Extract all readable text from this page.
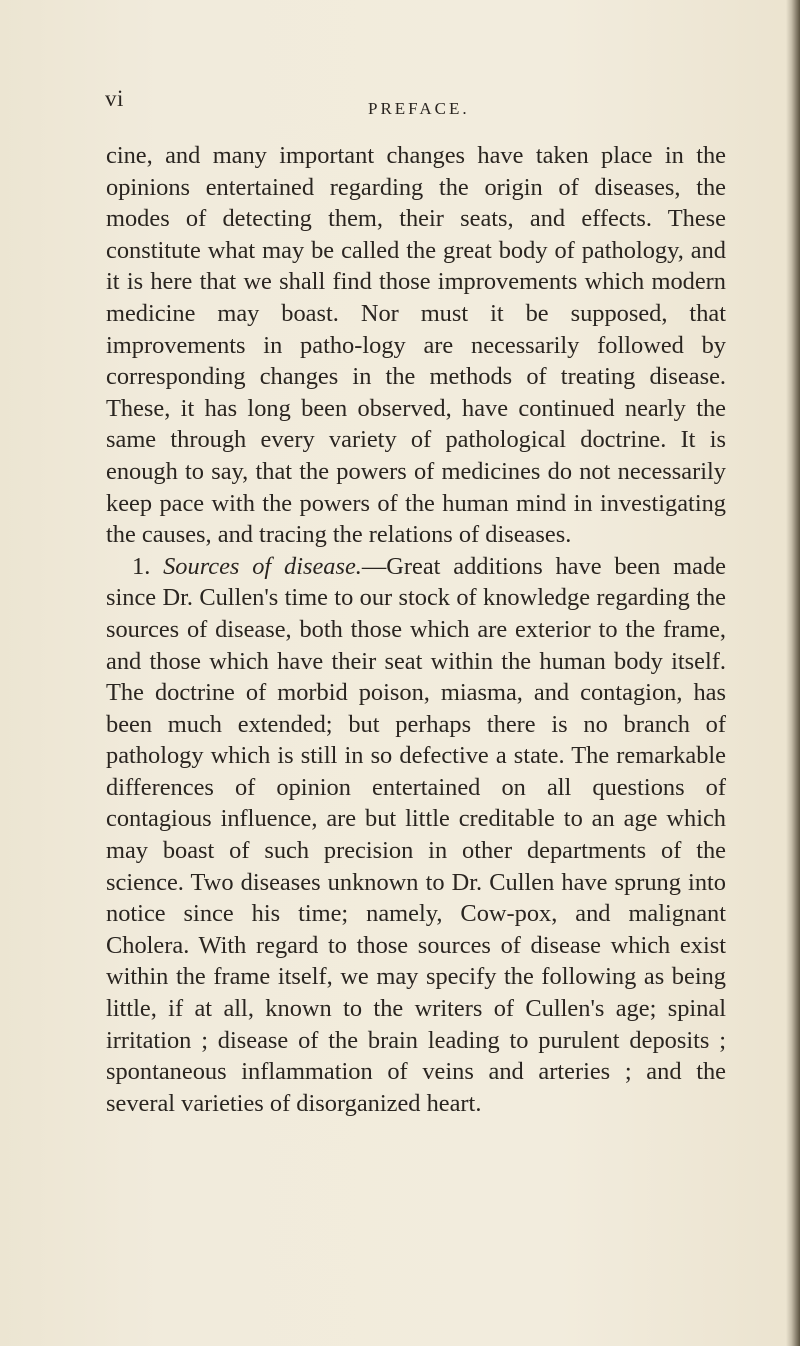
vi	PREFACE.

cine, and many important changes have taken place in the opinions entertained regarding the origin of diseases, the modes of detecting them, their seats, and effects. These constitute what may be called the great body of pathology, and it is here that we shall find those improvements which modern medicine may boast. Nor must it be supposed, that improvements in patho-logy are necessarily followed by corresponding changes in the methods of treating disease. These, it has long been observed, have continued nearly the same through every variety of pathological doctrine. It is enough to say, that the powers of medicines do not necessarily keep pace with the powers of the human mind in investigating the causes, and tracing the relations of diseases.

1. Sources of disease.—Great additions have been made since Dr. Cullen's time to our stock of knowledge regarding the sources of disease, both those which are exterior to the frame, and those which have their seat within the human body itself. The doctrine of morbid poison, miasma, and contagion, has been much extended; but perhaps there is no branch of pathology which is still in so defective a state. The remarkable differences of opinion entertained on all questions of contagious influence, are but little creditable to an age which may boast of such precision in other departments of the science. Two diseases unknown to Dr. Cullen have sprung into notice since his time; namely, Cow-pox, and malignant Cholera. With regard to those sources of disease which exist within the frame itself, we may specify the following as being little, if at all, known to the writers of Cullen's age; spinal irritation ; disease of the brain leading to purulent deposits ; spontaneous inflammation of veins and arteries ; and the several varieties of disorganized heart.
